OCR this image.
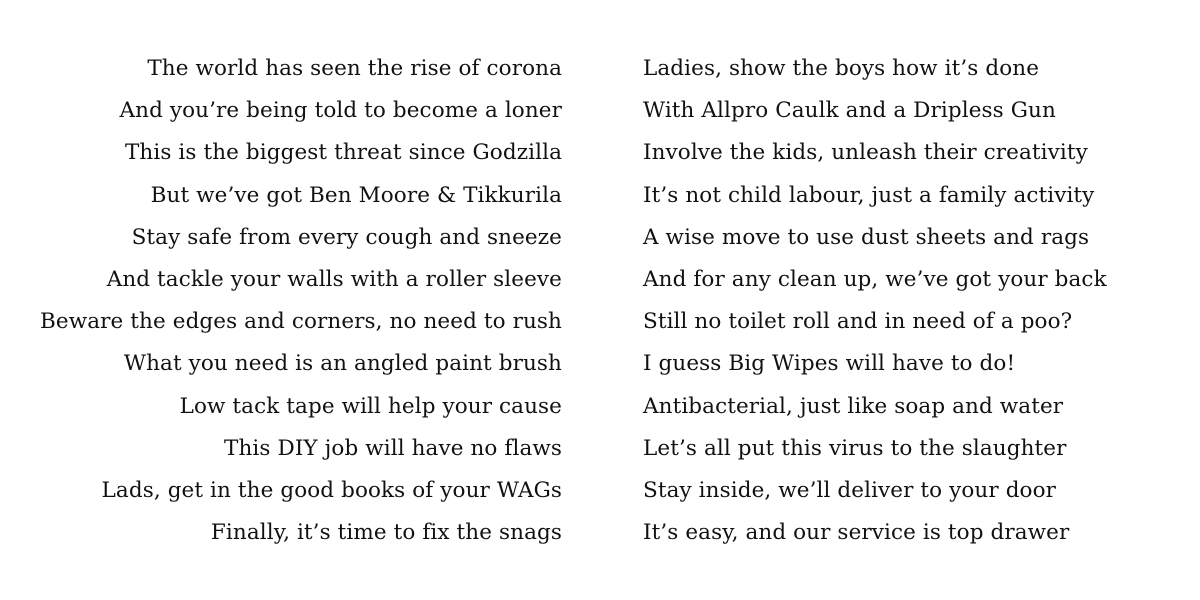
The world has seen the rise of corona
And you’re being told to become a loner
This is the biggest threat since Godzilla
But we’ve got Ben Moore & Tikkurila
Stay safe from every cough and sneeze
And tackle your walls with a roller sleeve
Beware the edges and corners, no need to rush
What you need is an angled paint brush
Low tack tape will help your cause
This DIY job will have no flaws
Lads, get in the good books of your WAGs
Finally, it’s time to fix the snags
Ladies, show the boys how it’s done
With Allpro Caulk and a Dripless Gun
Involve the kids, unleash their creativity
It’s not child labour, just a family activity
A wise move to use dust sheets and rags
And for any clean up, we’ve got your back
Still no toilet roll and in need of a poo?
I guess Big Wipes will have to do!
Antibacterial, just like soap and water
Let’s all put this virus to the slaughter
Stay inside, we’ll deliver to your door
It’s easy, and our service is top drawer
